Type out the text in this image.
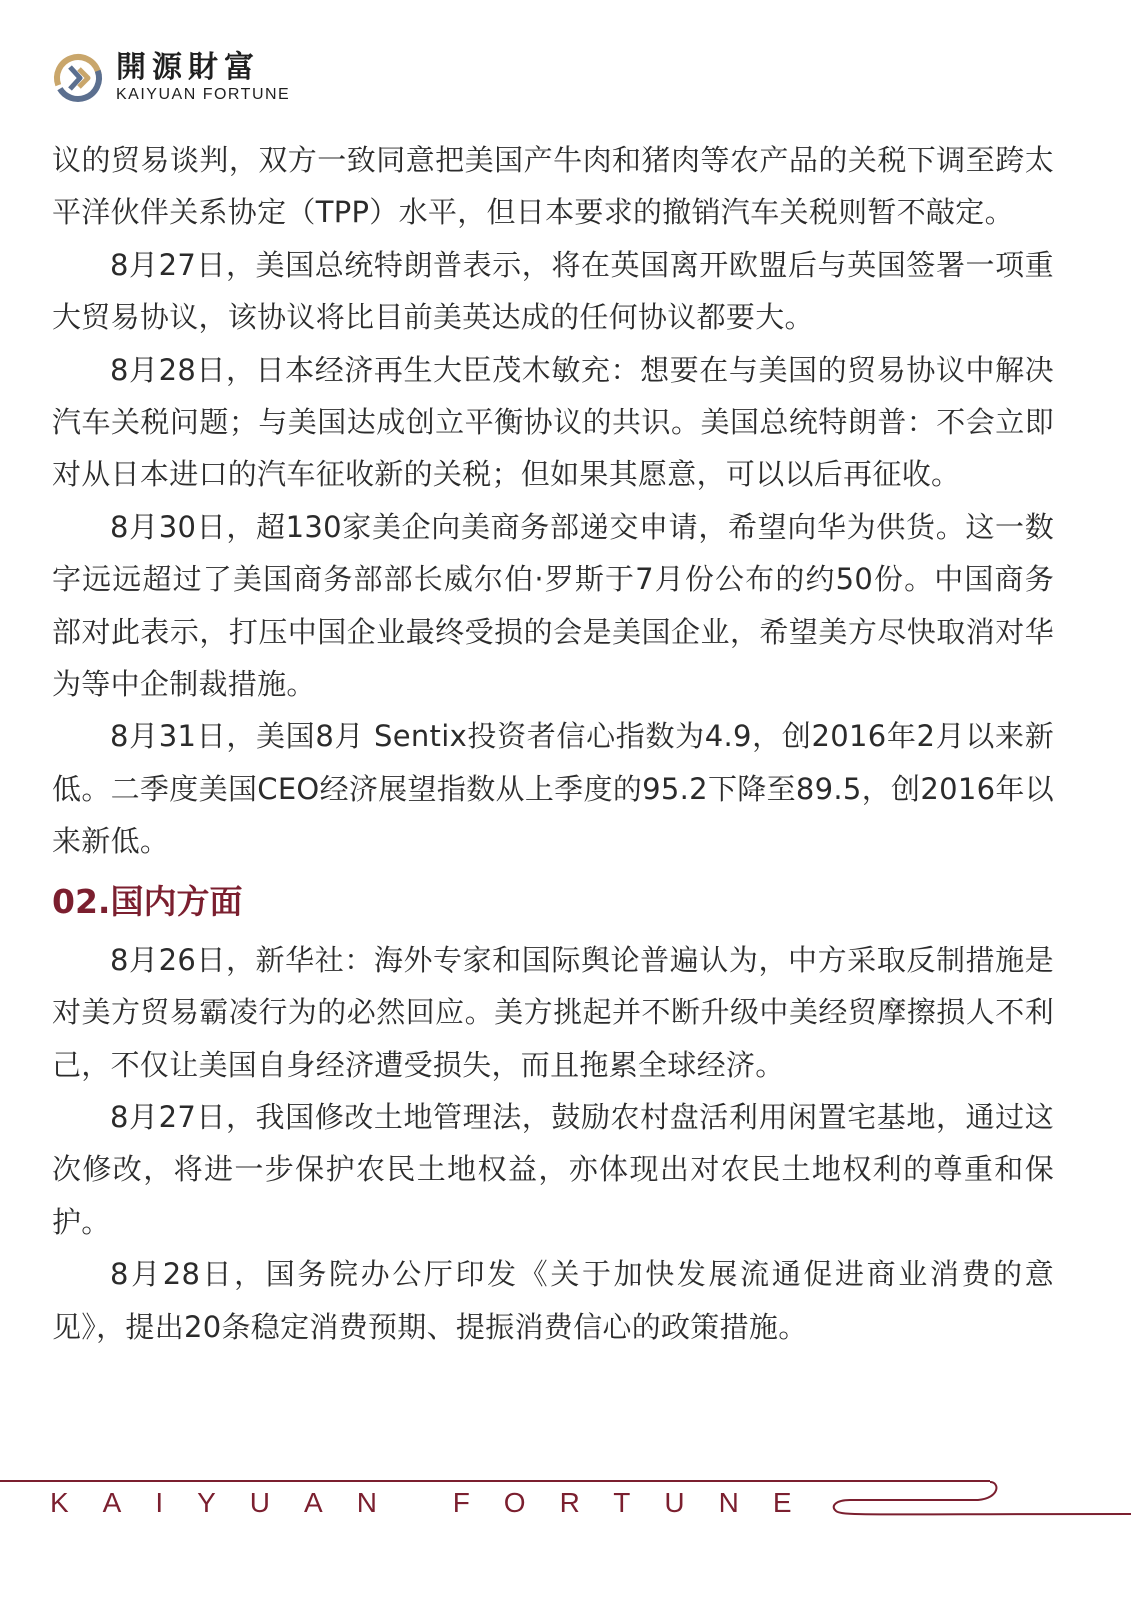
開源財富
KAIYUAN FORTUNE

议的贸易谈判，双方一致同意把美国产牛肉和猪肉等农产品的关税下调至跨太平洋伙伴关系协定（TPP）水平，但日本要求的撤销汽车关税则暂不敲定。

8月27日，美国总统特朗普表示，将在英国离开欧盟后与英国签署一项重大贸易协议，该协议将比目前美英达成的任何协议都要大。

8月28日，日本经济再生大臣茂木敏充：想要在与美国的贸易协议中解决汽车关税问题；与美国达成创立平衡协议的共识。美国总统特朗普：不会立即对从日本进口的汽车征收新的关税；但如果其愿意，可以以后再征收。

8月30日，超130家美企向美商务部递交申请，希望向华为供货。这一数字远远超过了美国商务部部长威尔伯·罗斯于7月份公布的约50份。中国商务部对此表示，打压中国企业最终受损的会是美国企业，希望美方尽快取消对华为等中企制裁措施。

8月31日，美国8月 Sentix投资者信心指数为4.9，创2016年2月以来新低。二季度美国CEO经济展望指数从上季度的95.2下降至89.5，创2016年以来新低。

02.国内方面

8月26日，新华社：海外专家和国际舆论普遍认为，中方采取反制措施是对美方贸易霸凌行为的必然回应。美方挑起并不断升级中美经贸摩擦损人不利己，不仅让美国自身经济遭受损失，而且拖累全球经济。

8月27日，我国修改土地管理法，鼓励农村盘活利用闲置宅基地，通过这次修改，将进一步保护农民土地权益，亦体现出对农民土地权利的尊重和保护。

8月28日，国务院办公厅印发《关于加快发展流通促进商业消费的意见》，提出20条稳定消费预期、提振消费信心的政策措施。

KAIYUAN FORTUNE
